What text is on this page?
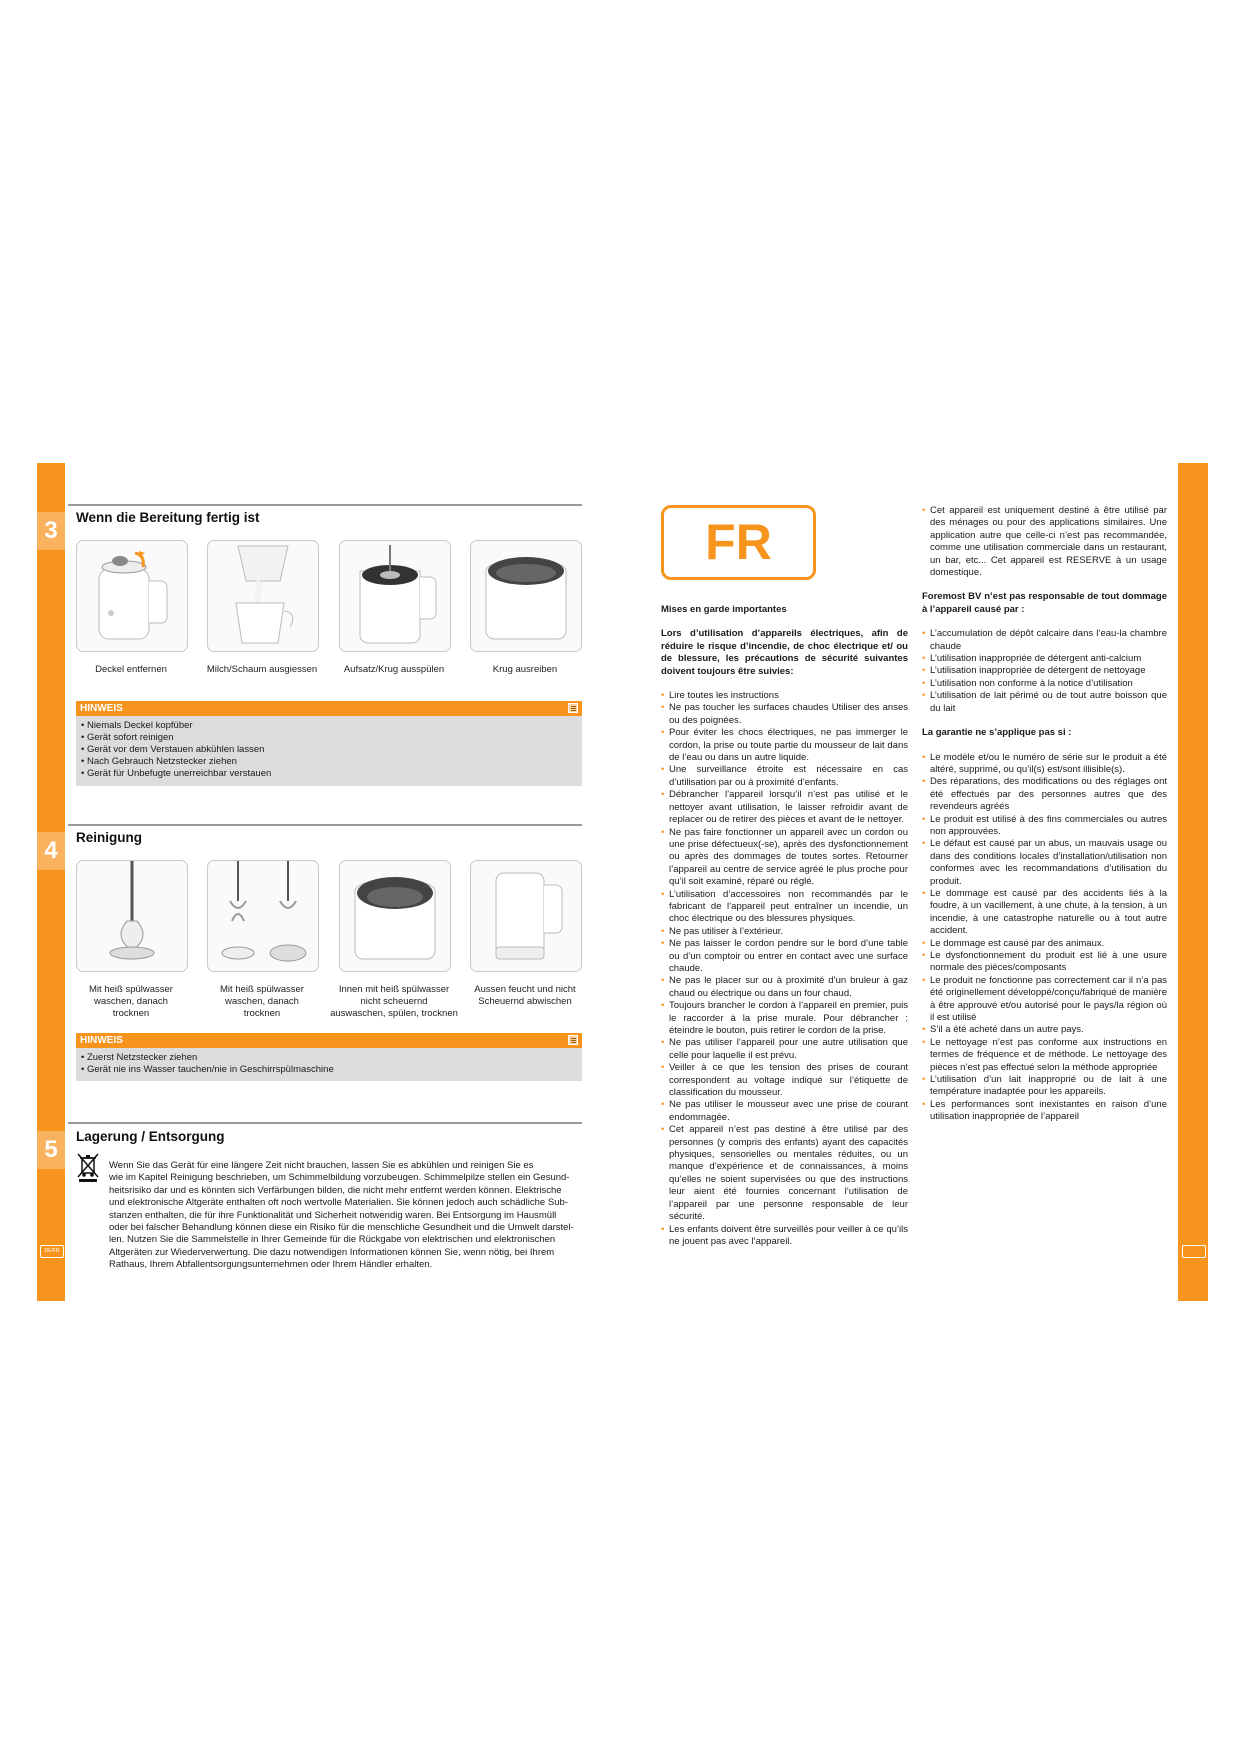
DE/FR
3	Wenn die Bereitung fertig ist
Deckel entfernen	Milch/Schaum ausgiessen	Aufsatz/Krug ausspülen	Krug ausreiben
HINWEIS
• Niemals Deckel kopfüber
• Gerät sofort reinigen
• Gerät vor dem Verstauen abkühlen lassen
• Nach Gebrauch Netzstecker ziehen
• Gerät für Unbefugte unerreichbar verstauen
4	Reinigung
Mit heiß spülwasser
waschen, danach
trocknen
Mit heiß spülwasser
waschen, danach
trocknen
Innen mit heiß spülwasser
nicht scheuernd
auswaschen, spülen, trocknen
Aussen feucht und nicht
Scheuernd abwischen
HINWEIS
• Zuerst Netzstecker ziehen
• Gerät nie ins Wasser tauchen/nie in Geschirrspülmaschine
5	Lagerung / Entsorgung
Wenn Sie das Gerät für eine längere Zeit nicht brauchen, lassen Sie es abkühlen und reinigen Sie es
wie im Kapitel Reinigung beschrieben, um Schimmelbildung vorzubeugen. Schimmelpilze stellen ein Gesund-
heitsrisiko dar und es könnten sich Verfärbungen bilden, die nicht mehr entfernt werden können. Elektrische
und elektronische Altgeräte enthalten oft noch wertvolle Materialien. Sie können jedoch auch schädliche Sub-
stanzen enthalten, die für ihre Funktionalität und Sicherheit notwendig waren. Bei Entsorgung im Hausmüll
oder bei falscher Behandlung können diese ein Risiko für die menschliche Gesundheit und die Umwelt darstel-
len. Nutzen Sie die Sammelstelle in Ihrer Gemeinde für die Rückgabe von elektrischen und elektronischen
Altgeräten zur Wiederverwertung. Die dazu notwendigen Informationen können Sie, wenn nötig, bei Ihrem
Rathaus, Ihrem Abfallentsorgungsunternehmen oder Ihrem Händler erhalten.
FR
Mises en garde importantes
Lors d’utilisation d’appareils électriques, afin de réduire le risque d’incendie, de choc électrique et/ ou de blessure, les précautions de sécurité suivantes doivent toujours être suivies:
• Lire toutes les instructions
• Ne pas toucher les surfaces chaudes Utiliser des anses ou des poignées.
• Pour éviter les chocs électriques, ne pas immerger le cordon, la prise ou toute partie du mousseur de lait dans de l’eau ou dans un autre liquide.
• Une surveillance étroite est nécessaire en cas d’utilisation par ou à proximité d’enfants.
• Débrancher l’appareil lorsqu’il n’est pas utilisé et le nettoyer avant utilisation, le laisser refroidir avant de replacer ou de retirer des pièces et avant de le nettoyer.
• Ne pas faire fonctionner un appareil avec un cordon ou une prise défectueux(-se), après des dysfonctionnement ou après des dommages de toutes sortes. Retourner l’appareil au centre de service agréé le plus proche pour qu’il soit examiné, réparé ou réglé.
• L’utilisation d’accessoires non recommandés par le fabricant de l’appareil peut entraîner un incendie, un choc électrique ou des blessures physiques.
• Ne pas utiliser à l’extérieur.
• Ne pas laisser le cordon pendre sur le bord d’une table ou d’un comptoir ou entrer en contact avec une surface chaude.
• Ne pas le placer sur ou à proximité d’un bruleur à gaz chaud ou électrique ou dans un four chaud.
• Toujours brancher le cordon à l’appareil en premier, puis le raccorder à la prise murale. Pour débrancher : éteindre le bouton, puis retirer le cordon de la prise.
• Ne pas utiliser l’appareil pour une autre utilisation que celle pour laquelle il est prévu.
• Veiller à ce que les tension des prises de courant correspondent au voltage indiqué sur l’étiquette de classification du mousseur.
• Ne pas utiliser le mousseur avec une prise de courant endommagée.
• Cet appareil n’est pas destiné à être utilisé par des personnes (y compris des enfants) ayant des capacités physiques, sensorielles ou mentales réduites, ou un manque d’expérience et de connaissances, à moins qu’elles ne soient supervisées ou que des instructions leur aient été fournies concernant l’utilisation de l’appareil par une personne responsable de leur sécurité.
• Les enfants doivent être surveillés pour veiller à ce qu’ils ne jouent pas avec l’appareil.
• Cet appareil est uniquement destiné à être utilisé par des ménages ou pour des applications similaires. Une application autre que celle-ci n’est pas recommandée, comme une utilisation commerciale dans un restaurant, un bar, etc... Cet appareil est RESERVE à un usage domestique.
Foremost BV n’est pas responsable de tout dommage à l’appareil causé par :
• L’accumulation de dépôt calcaire dans l’eau-la chambre chaude
• L’utilisation inappropriée de détergent anti-calcium
• L’utilisation inappropriée de détergent de nettoyage
• L’utilisation non conforme à la notice d’utilisation
• L’utilisation de lait périmé ou de tout autre boisson que du lait
La garantie ne s’applique pas si :
• Le modèle et/ou le numéro de série sur le produit a été altéré, supprimé, ou qu’il(s) est/sont illisible(s).
• Des réparations, des modifications ou des réglages ont été effectués par des personnes autres que des revendeurs agréés
• Le produit est utilisé à des fins commerciales ou autres non approuvées.
• Le défaut est causé par un abus, un mauvais usage ou dans des conditions locales d’installation/utilisation non conformes avec les recommandations d’utilisation du produit.
• Le dommage est causé par des accidents liés à la foudre, à un vacillement, à une chute, à la tension, à un incendie, à une catastrophe naturelle ou à tout autre accident.
• Le dommage est causé par des animaux.
• Le dysfonctionnement du produit est lié à une usure normale des pièces/composants
• Le produit ne fonctionne pas correctement car il n’a pas été originellement développé/conçu/fabriqué de manière à être approuvé et/ou autorisé pour le pays/la région où il est utilisé
• S’il a été acheté dans un autre pays.
• Le nettoyage n’est pas conforme aux instructions en termes de fréquence et de méthode. Le nettoyage des pièces n’est pas effectué selon la méthode appropriée
• L’utilisation d’un lait inapproprié ou de lait à une température inadaptée pour les appareils.
• Les performances sont inexistantes en raison d’une utilisation inappropriée de l’appareil
